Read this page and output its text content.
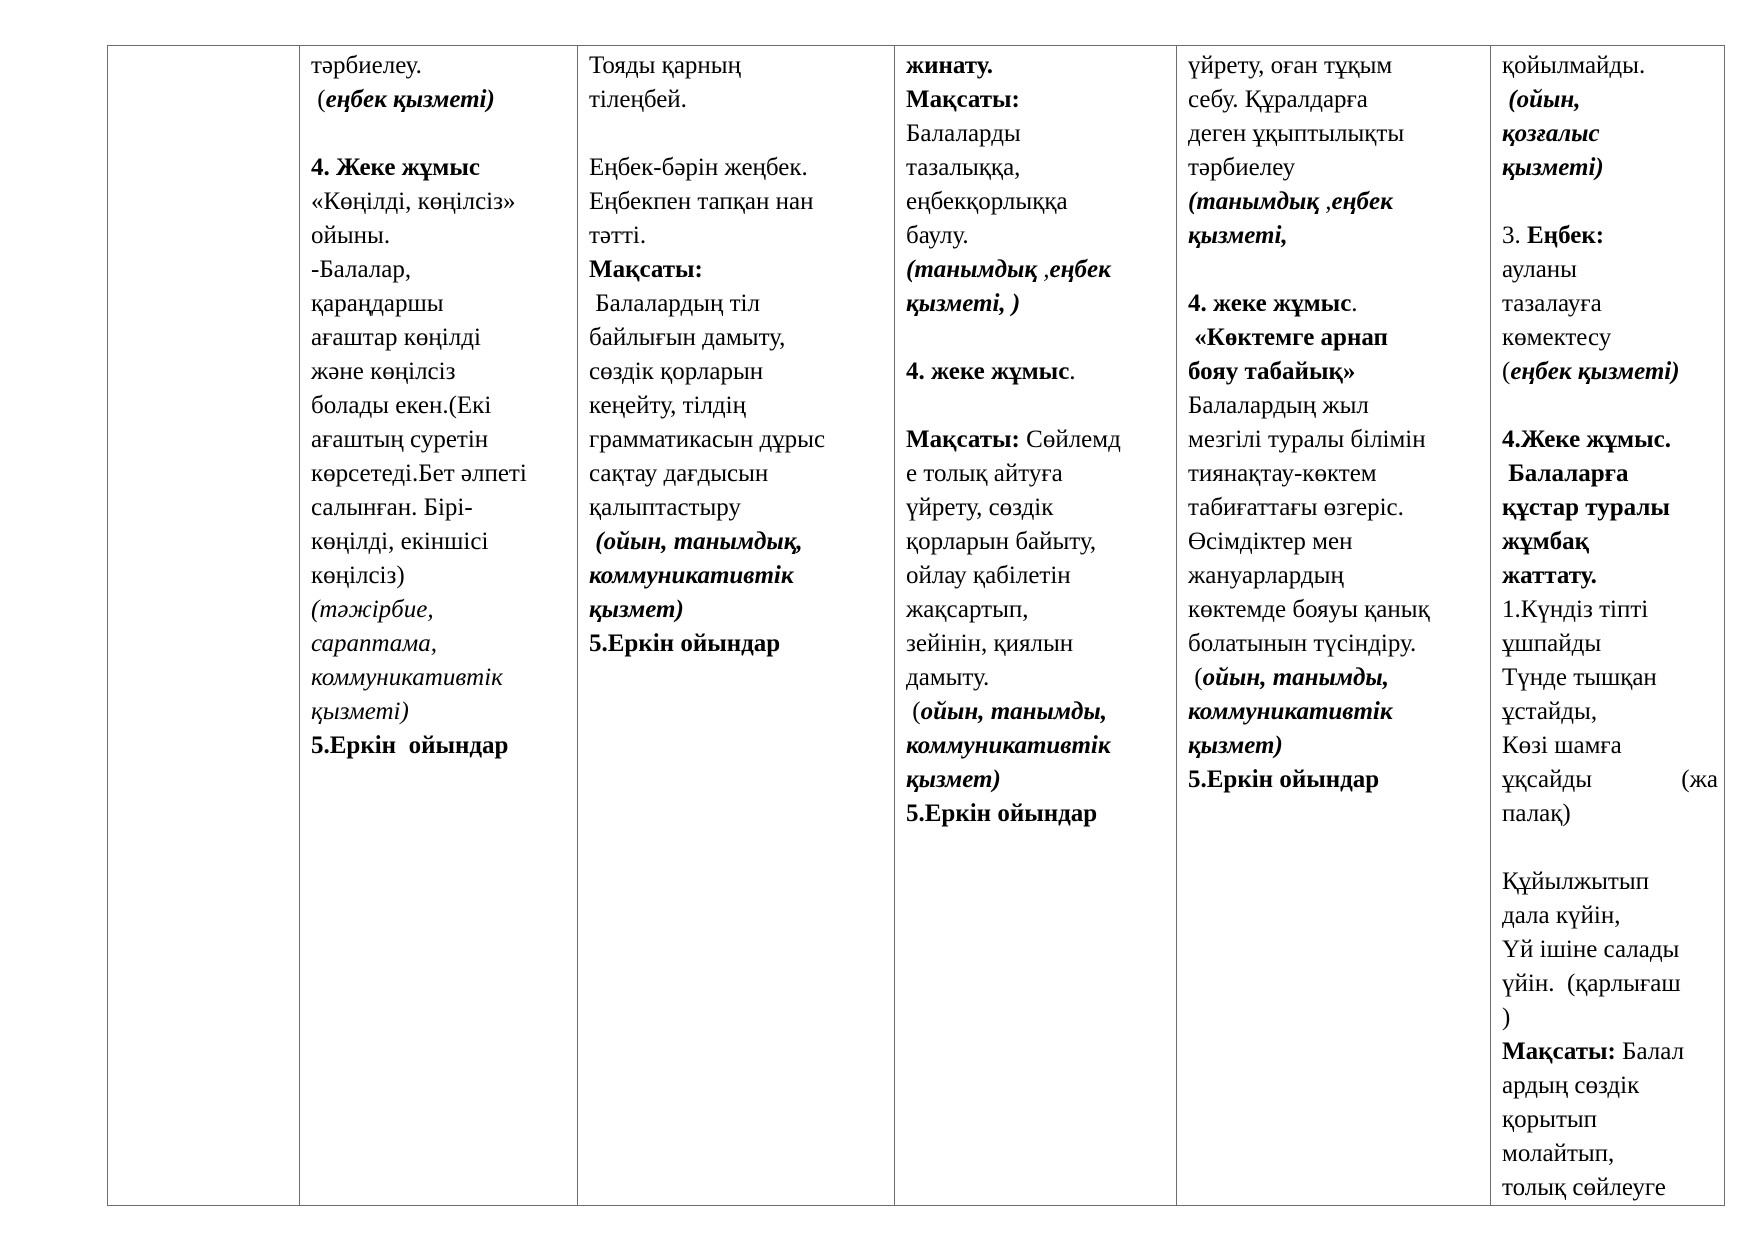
тәрбиелеу.
(еңбек қызметі)
4. Жеке жұмыс
«Көңілді, көңілсіз»
ойыны.
-Балалар,
қараңдаршы
ағаштар көңілді
және көңілсіз
болады екен.(Екі
ағаштың суретін
көрсетеді.Бет әлпеті
салынған. Бірі-
көңілді, екіншісі
көңілсіз)
(тәжірбие,
сараптама,
коммуникативтік
қызметі)
5.Еркін  ойындар

Тояды қарның
тілеңбей.
Еңбек-бәрін жеңбек.
Еңбекпен тапқан нан
тәтті.
Мақсаты:
Балалардың тіл
байлығын дамыту,
сөздік қорларын
кеңейту, тілдің
грамматикасын дұрыс
сақтау дағдысын
қалыптастыру
(ойын, танымдық,
коммуникативтік
қызмет)
5.Еркін ойындар

жинату.
Мақсаты:
Балаларды
тазалыққа,
еңбекқорлыққа
баулу.
(танымдық ,еңбек
қызметі, )
4. жеке жұмыс.
Мақсаты: Сөйлемд
е толық айтуға
үйрету, сөздік
қорларын байыту,
ойлау қабілетін
жақсартып,
зейінін, қиялын
дамыту.
(ойын, танымды,
коммуникативтік
қызмет)
5.Еркін ойындар

үйрету, оған тұқым
себу. Құралдарға
деген ұқыптылықты
тәрбиелеу
(танымдық ,еңбек
қызметі,
4. жеке жұмыс.
«Көктемге арнап
бояу табайық»
Балалардың жыл
мезгілі туралы білімін
тиянақтау-көктем
табиғаттағы өзгеріс.
Өсімдіктер мен
жануарлардың
көктемде бояуы қанық
болатынын түсіндіру.
(ойын, танымды,
коммуникативтік
қызмет)
5.Еркін ойындар

қойылмайды.
(ойын,
қозғалыс
қызметі)
3. Еңбек:
ауланы
тазалауға
көмектесу
(еңбек қызметі)
4.Жеке жұмыс.
Балаларға
құстар туралы
жұмбақ
жаттату.
1.Күндіз тіпті
ұшпайды
Түнде тышқан
ұстайды,
Көзі шамға
ұқсайды	(жа
палақ)
Құйылжытып
дала күйін,
Үй ішіне салады
үйін.  (қарлығаш
)
Мақсаты: Балал
ардың сөздік
қорытып
молайтып,
толық сөйлеуге
